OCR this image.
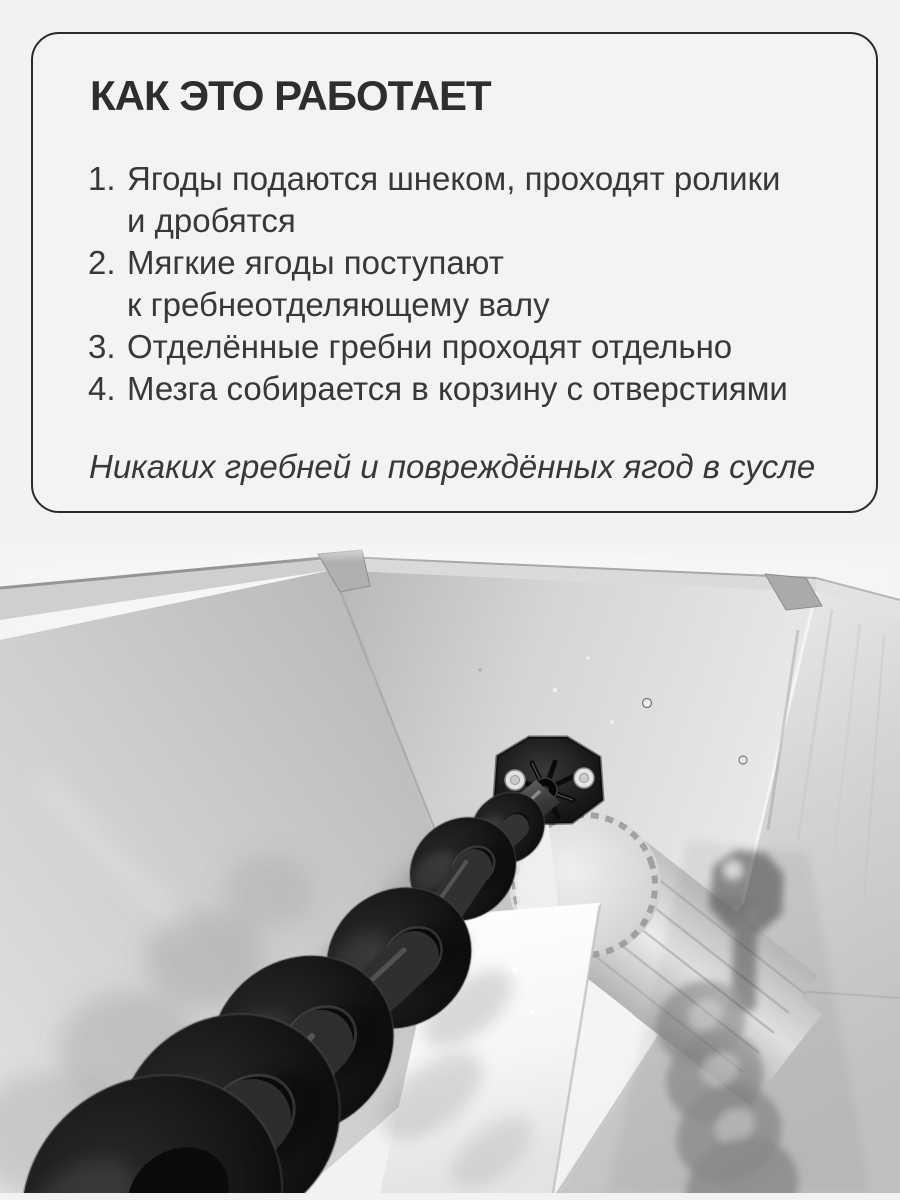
КАК ЭТО РАБОТАЕТ
1. Ягоды подаются шнеком, проходят ролики
и дробятся
2. Мягкие ягоды поступают
к гребнеотделяющему валу
3. Отделённые гребни проходят отдельно
4. Мезга собирается в корзину с отверстиями
Никаких гребней и повреждённых ягод в сусле
